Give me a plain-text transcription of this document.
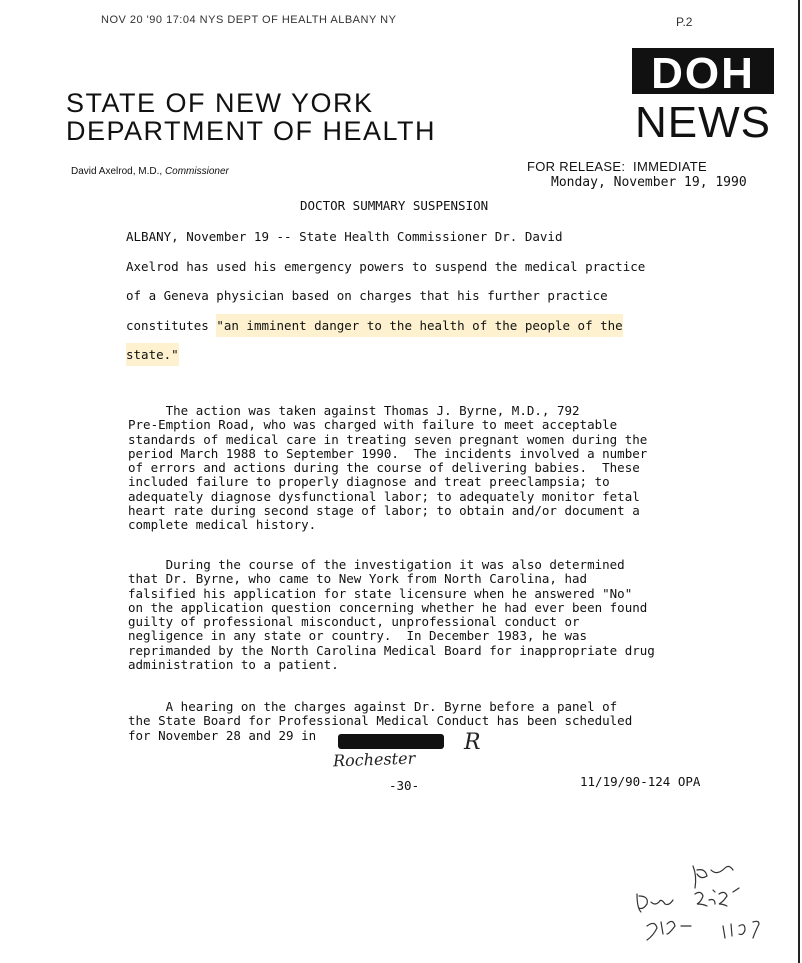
NOV 20 '90 17:04 NYS DEPT OF HEALTH ALBANY NY	P.2
DOH
NEWS
STATE OF NEW YORK
DEPARTMENT OF HEALTH
David Axelrod, M.D., Commissioner	FOR RELEASE:  IMMEDIATE
Monday, November 19, 1990
DOCTOR SUMMARY SUSPENSION
ALBANY, November 19 -- State Health Commissioner Dr. David
Axelrod has used his emergency powers to suspend the medical practice
of a Geneva physician based on charges that his further practice
constitutes "an imminent danger to the health of the people of the
state."
The action was taken against Thomas J. Byrne, M.D., 792
Pre-Emption Road, who was charged with failure to meet acceptable
standards of medical care in treating seven pregnant women during the
period March 1988 to September 1990.  The incidents involved a number
of errors and actions during the course of delivering babies.  These
included failure to properly diagnose and treat preeclampsia; to
adequately diagnose dysfunctional labor; to adequately monitor fetal
heart rate during second stage of labor; to obtain and/or document a
complete medical history.
During the course of the investigation it was also determined
that Dr. Byrne, who came to New York from North Carolina, had
falsified his application for state licensure when he answered "No"
on the application question concerning whether he had ever been found
guilty of professional misconduct, unprofessional conduct or
negligence in any state or country.  In December 1983, he was
reprimanded by the North Carolina Medical Board for inappropriate drug
administration to a patient.
A hearing on the charges against Dr. Byrne before a panel of
the State Board for Professional Medical Conduct has been scheduled
for November 28 and 29 in	R
Rochester
-30-	11/19/90-124 OPA
